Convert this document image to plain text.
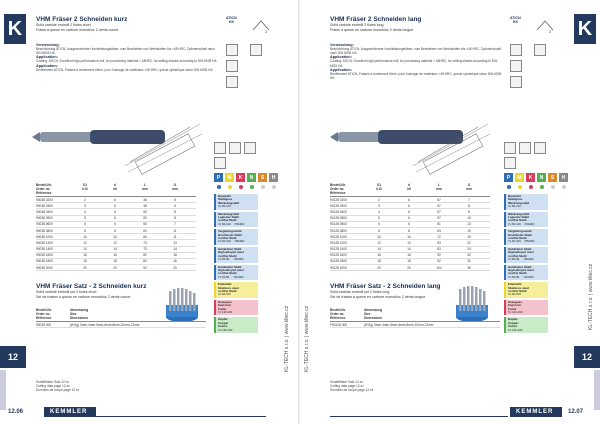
K	VHM Fräser 2 Schneiden kurz
Solid carbide endmill 2 flutes short
Fraise à queue en carbure monobloc 2 dents courte
ATICN
HX
2
Verwendung:
Beschichtung ATICN, Ausgezeichnete Hochleistungsfräser, zum Bearbeiten von Werkstoffen bis <48 HRC, Zylinderschaft nach DIN 6535 HA
Application:
Coating: ATICN, Excellent high-performance mill, for processing material < 48HRC, for milling shanks according to DIN 6535 HA
Application:
Revêtement ATICN, Fraises à rendement élevé, pour l'usinage de matériaux <48 HRC, queue cylindrique selon DIN 6535 HA
P	M	K	N	S	H
Bestell-Nr.
Order no.
Référence
D1
h10
d
h6
L
mm
l1
mm
90038 0200	2	6	38	5
90038 0300	3	6	38	6
90038 0400	4	6	50	8
90038 0500	5	6	50	8
90038 0600	6	6	50	7
90038 0800	8	8	60	11
90038 1000	10	10	66	11
90038 1200	12	12	73	13
90038 1400	14	14	73	14
90038 1600	16	16	82	18
90038 1800	18	18	84	16
90038 2000	20	20	92	20
Baustahl
Stahlguss
Werkzeugstahl
Vc 80-120
Werkzeugstahl
Legierter Stahl
rostfrei Stahl
Vc 60-120    <50HRC
Vergütungsstahl
Hochfester Stahl
rostfrei Stahl
Vc 60-100    <55HRC
Gehärteter Stahl
High-alloyed steel
rostfrei Stahl
Vc 60-90     <58HRC
Gehärteter Stahl
High-alloyed steel
rostfrei Stahl
Vc 60-80     <62HRC
Edelstahl
Stainless steel
rostfrei Stahl
Vc 60-100
Grauguss
Cast iron
Fonte
Vc 120-160
Kupfer
Copper
Cuivre
Vc 120-160
VHM Fräser Satz - 2 Schneiden kurz
Solid carbide endmill set 2 flutes short
Set de fraises à queue en carbure monobloc 2 dents courte
Bestell-Nr.
Order no.
Référence
Abmessung
Size
Dimensions
90038 000	(Ø 6g) 3mm-4mm-5mm-6mm-8mm-10mm-12mm
Schaftfräser Satz 12.xx
Cutting data page 12.xx
Données de coupe page 12.xx
12
KEMMLER
12.06
KL-TECH s.r.o. | www.kltec.cz
VHM Fräser 2 Schneiden lang
Solid carbide endmill 2 flutes long
Fraise à queue en carbure monobloc 2 dents longue
ATICN
HX
2 K
Verwendung:
Beschichtung ATICN, Ausgezeichnete Hochleistungsfräser, zum Bearbeiten von Werkstoffen bis <48 HRC, Zylinderschaft nach DIN 6535 HA
Application:
Coating: ATICN, Excellent high-performance mill, for processing material < 48HRC, for milling shanks according to DIN 6535 HA
Application:
Revêtement ATICN, Fraises à rendement élevé, pour l'usinage de matériaux <48 HRC, queue cylindrique selon DIN 6535 HA
P	M	K	N	S	H
Bestell-Nr.
Order no.
Référence
D1
h10
d
h6
L
mm
l1
mm
90128 0200	2	6	57	7
90128 0300	3	6	57	8
90128 0400	4	6	57	8
90128 0500	5	6	57	10
90128 0600	6	6	61	13
90128 0800	8	8	63	19
90128 1000	10	10	72	19
90128 1200	12	12	83	22
90128 1400	14	14	83	24
90128 1600	16	16	92	32
90128 1800	18	18	92	32
90128 2000	20	20	104	38
Baustahl
Stahlguss
Werkzeugstahl
Vc 80-120
Werkzeugstahl
Legierter Stahl
rostfrei Stahl
Vc 60-120    <50HRC
Vergütungsstahl
Hochfester Stahl
rostfrei Stahl
Vc 60-100    <55HRC
Gehärteter Stahl
High-alloyed steel
rostfrei Stahl
Vc 60-90     <58HRC
Gehärteter Stahl
High-alloyed steel
rostfrei Stahl
Vc 60-80     <62HRC
Edelstahl
Stainless steel
rostfrei Stahl
Vc 60-100
Grauguss
Cast iron
Fonte
Vc 120-160
Kupfer
Copper
Cuivre
Vc 120-160
VHM Fräser Satz - 2 Schneiden lang
Solid carbide endmill set 2 flutes long
Set de fraises à queue en carbure monobloc 2 dents longue
Bestell-Nr.
Order no.
Référence
Abmessung
Size
Dimensions
F90128 000	(Ø 6g) 3mm-4mm-5mm-6mm-8mm-10mm-12mm
Schaftfräser Satz 12.xx
Cutting data page 12.xx
Données de coupe page 12.xx
12
KEMMLER	12.07
KL-TECH s.r.o. | www.kltec.cz
KL-TECH s.r.o. | www.kltec.cz
